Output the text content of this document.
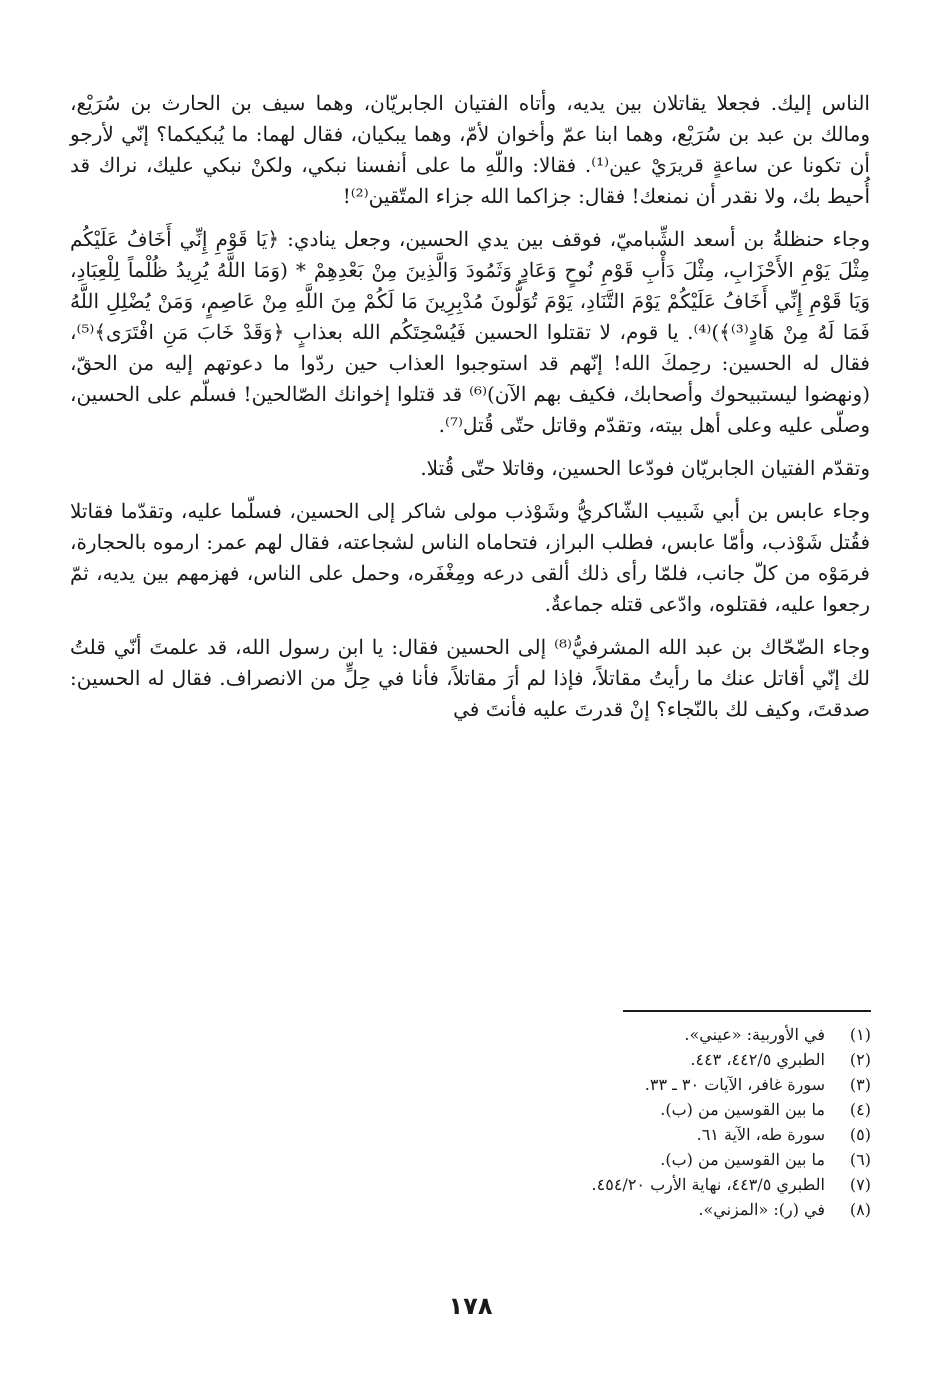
الناس إليك. فجعلا يقاتلان بين يديه، وأتاه الفتيان الجابريّان، وهما سيف بن الحارث بن سُرَيْع، ومالك بن عبد بن سُرَيْع، وهما ابنا عمّ وأخوان لأمّ، وهما يبكيان، فقال لهما: ما يُبكيكما؟ إنّي لأرجو أن تكونا عن ساعةٍ قريرَيْ عين⁽¹⁾. فقالا: واللّهِ ما على أنفسنا نبكي، ولكنْ نبكي عليك، نراك قد أُحيط بك، ولا نقدر أن نمنعك! فقال: جزاكما الله جزاء المتّقين⁽²⁾!

وجاء حنظلةُ بن أسعد الشِّباميّ، فوقف بين يدي الحسين، وجعل ينادي: ﴿يَا قَوْمِ إِنِّي أَخَافُ عَلَيْكُم مِثْلَ يَوْمِ الأَحْزَابِ، مِثْلَ دَأْبِ قَوْمِ نُوحٍ وَعَادٍ وَثَمُودَ وَالَّذِينَ مِنْ بَعْدِهِمْ * (وَمَا اللَّهُ يُرِيدُ ظُلْماً لِلْعِبَادِ، وَيَا قَوْمِ إِنِّي أَخَافُ عَلَيْكُمْ يَوْمَ التَّنَادِ، يَوْمَ تُوَلُّونَ مُدْبِرِينَ مَا لَكُمْ مِنَ اللَّهِ مِنْ عَاصِمٍ، وَمَنْ يُضْلِلِ اللَّهُ فَمَا لَهُ مِنْ هَادٍ⁽³⁾﴾)⁽⁴⁾. يا قوم، لا تقتلوا الحسين فَيُسْحِتَكُم الله بعذابٍ ﴿وَقَدْ خَابَ مَنِ افْتَرَى﴾⁽⁵⁾، فقال له الحسين: رحِمكَ الله! إنّهم قد استوجبوا العذاب حين ردّوا ما دعوتهم إليه من الحقّ، (ونهضوا ليستبيحوك وأصحابك، فكيف بهم الآن)⁽⁶⁾ قد قتلوا إخوانك الصّالحين! فسلّم على الحسين، وصلّى عليه وعلى أهل بيته، وتقدّم وقاتل حتّى قُتل⁽⁷⁾.

وتقدّم الفتيان الجابريّان فودّعا الحسين، وقاتلا حتّى قُتلا.

وجاء عابس بن أبي شَبيب الشّاكريُّ وشَوْذب مولى شاكر إلى الحسين، فسلّما عليه، وتقدّما فقاتلا فقُتل شَوْذب، وأمّا عابس، فطلب البراز، فتحاماه الناس لشجاعته، فقال لهم عمر: ارموه بالحجارة، فرمَوْه من كلّ جانب، فلمّا رأى ذلك ألقى درعه ومِغْفَره، وحمل على الناس، فهزمهم بين يديه، ثمّ رجعوا عليه، فقتلوه، وادّعى قتله جماعةٌ.

وجاء الضّحّاك بن عبد الله المشرفيُّ⁽⁸⁾ إلى الحسين فقال: يا ابن رسول الله، قد علمتَ أنّي قلتُ لك إنّي أقاتل عنك ما رأيتُ مقاتلاً، فإذا لم أرَ مقاتلاً، فأنا في حِلٍّ من الانصراف. فقال له الحسين: صدقتَ، وكيف لك بالنّجاء؟ إنْ قدرتَ عليه فأنتَ في

(١)
في الأوربية: «عيني».
(٢)
الطبري ٤٤٢/٥، ٤٤٣.
(٣)
سورة غافر، الآيات ٣٠ ـ ٣٣.
(٤)
ما بين القوسين من (ب).
(٥)
سورة طه، الآية ٦١.
(٦)
ما بين القوسين من (ب).
(٧)
الطبري ٤٤٣/٥، نهاية الأرب ٤٥٤/٢٠.
(٨)
في (ر): «المزني».
١٧٨
